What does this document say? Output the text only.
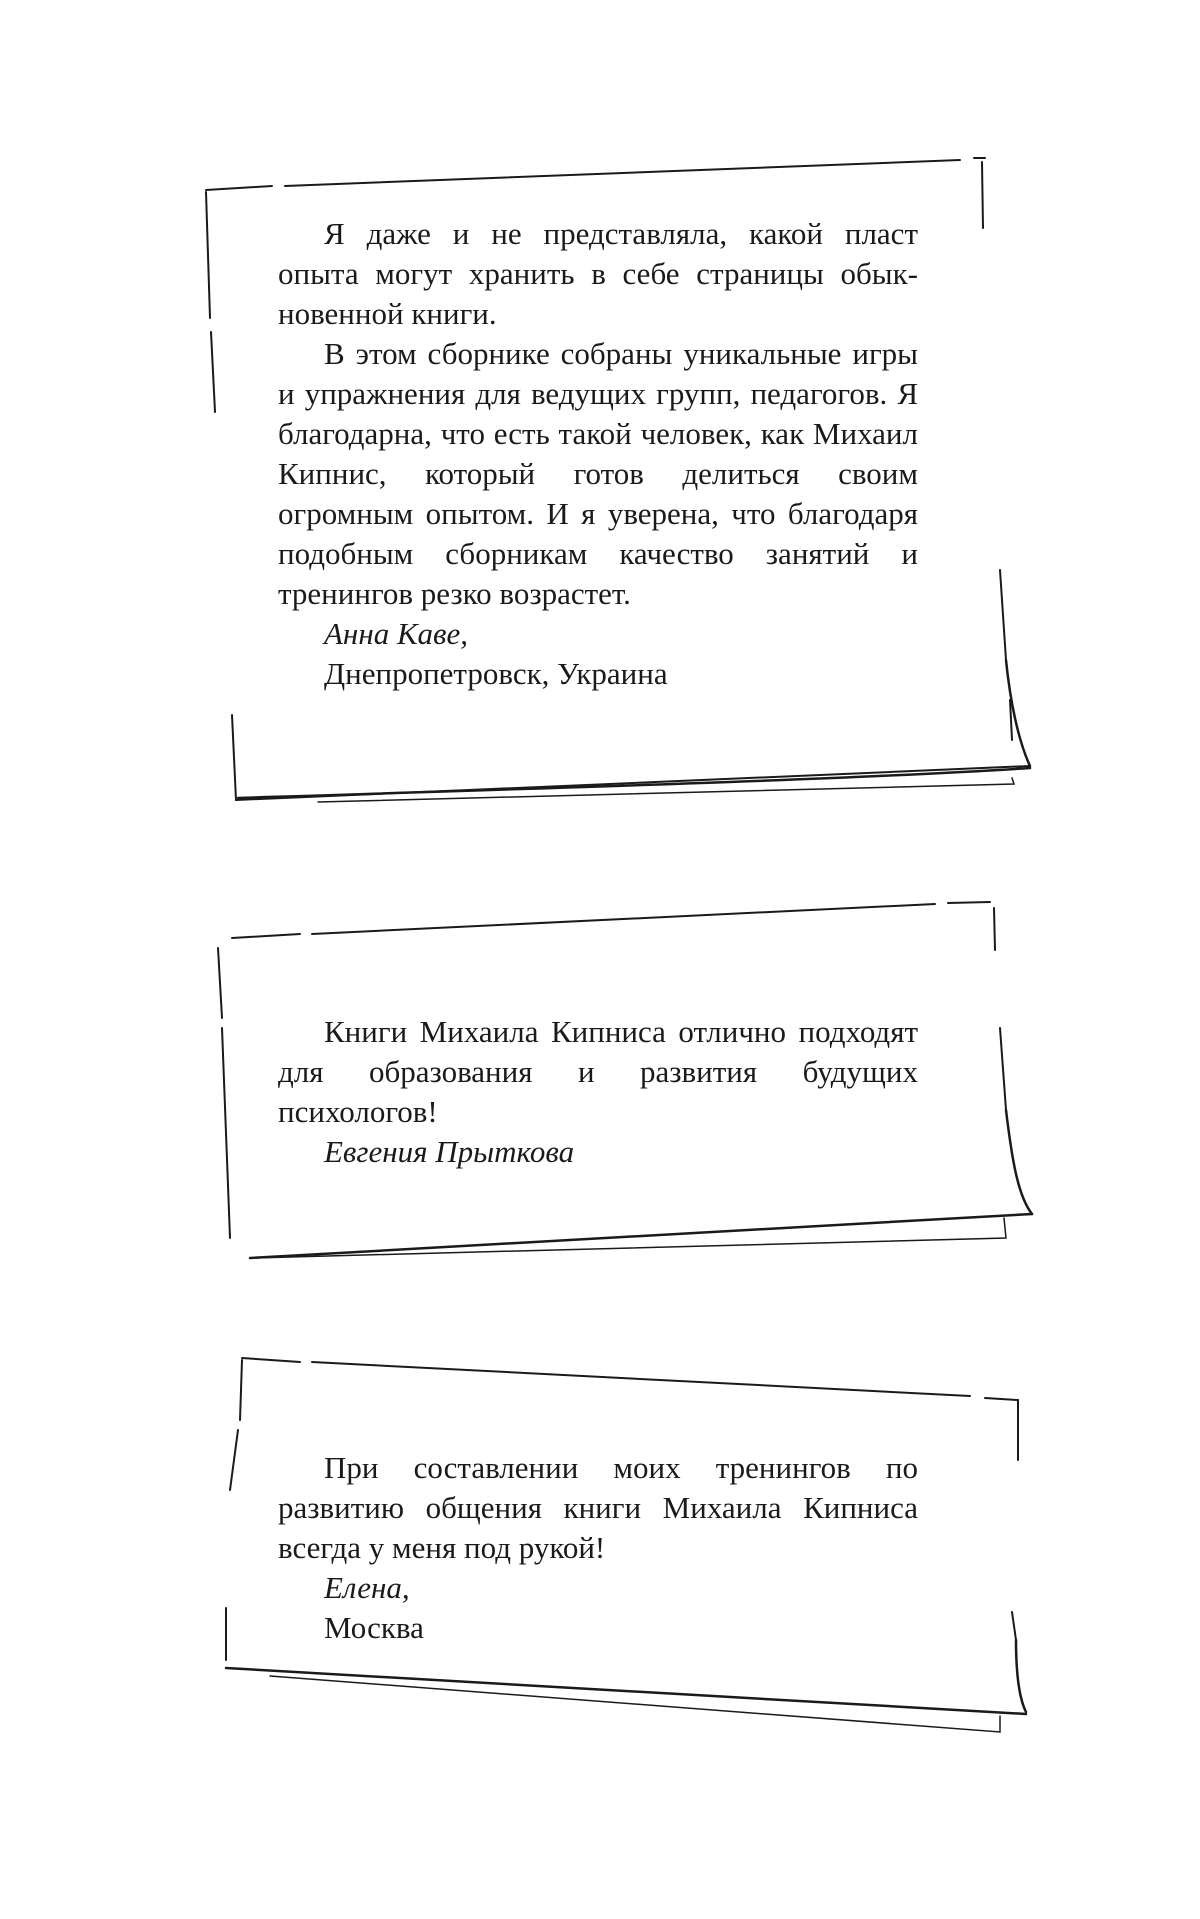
Я даже и не представляла, какой пласт опыта могут хранить в себе страницы обыкновенной книги.

В этом сборнике собраны уникальные игры и упражнения для ведущих групп, педагогов. Я благодарна, что есть такой человек, как Михаил Кипнис, который готов делиться своим огромным опытом. И я уверена, что благодаря подобным сборникам качество занятий и тренингов резко возрастет.

Анна Каве,

Днепропетровск, Украина

Книги Михаила Кипниса отлично подходят для образования и развития будущих психологов!

Евгения Прыткова

При составлении моих тренингов по развитию общения книги Михаила Кипниса всегда у меня под рукой!

Елена,

Москва
